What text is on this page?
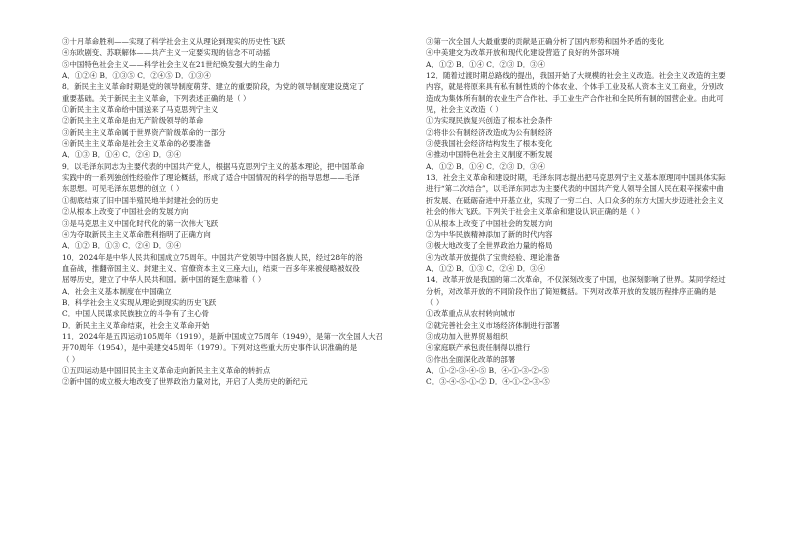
③十月革命胜利——实现了科学社会主义从理论到现实的历史性飞跃
④东欧剧变、苏联解体——共产主义一定要实现的信念不可动摇
⑤中国特色社会主义——科学社会主义在21世纪焕发强大的生命力
A．①②④ B．①③⑤ C．②④⑤ D．①③④
8．新民主主义革命时期是党的领导制度萌芽、建立的重要阶段，为党的领导制度建设奠定了
重要基础。关于新民主主义革命，下列表述正确的是（ ）
①新民主主义革命给中国送来了马克思列宁主义
②新民主主义革命是由无产阶级领导的革命
③新民主主义革命属于世界资产阶级革命的一部分
④新民主主义革命是社会主义革命的必要准备
A．①③ B．①④ C．②④ D．③④
9．以毛泽东同志为主要代表的中国共产党人，根据马克思列宁主义的基本理论，把中国革命
实践中的一系列独创性经验作了理论概括，形成了适合中国情况的科学的指导思想——毛泽
东思想。可见毛泽东思想的创立（ ）
①彻底结束了旧中国半殖民地半封建社会的历史
②从根本上改变了中国社会的发展方向
③是马克思主义中国化时代化的第一次伟大飞跃
④为夺取新民主主义革命胜利指明了正确方向
A．①② B．①③ C．②④ D．③④
10．2024年是中华人民共和国成立75周年。中国共产党领导中国各族人民，经过28年的浴
血奋战，推翻帝国主义、封建主义、官僚资本主义三座大山，结束一百多年来被侵略被奴役
屈辱历史，建立了中华人民共和国。新中国的诞生意味着（ ）
A．社会主义基本制度在中国确立
B．科学社会主义实现从理论到现实的历史飞跃
C．中国人民谋求民族独立的斗争有了主心骨
D．新民主主义革命结束，社会主义革命开始
11．2024年是五四运动105周年（1919），是新中国成立75周年（1949），是第一次全国人大召
开70周年（1954），是中美建交45周年（1979）。下列对这些重大历史事件认识准确的是
（ ）
①五四运动是中国旧民主主义革命走向新民主主义革命的转折点
②新中国的成立极大地改变了世界政治力量对比，开启了人类历史的新纪元
③第一次全国人大最重要的贡献是正确分析了国内形势和国外矛盾的变化
④中美建交为改革开放和现代化建设营造了良好的外部环境
A．①② B．①④ C．②③ D．③④
12．随着过渡时期总路线的提出，我国开始了大规模的社会主义改造。社会主义改造的主要
内容，就是将原来具有私有制性质的个体农业、个体手工业及私人资本主义工商业，分别改
造成为集体所有制的农业生产合作社、手工业生产合作社和全民所有制的国营企业。由此可
见，社会主义改造（ ）
①为实现民族复兴创造了根本社会条件
②将非公有制经济改造成为公有制经济
③使我国社会经济结构发生了根本变化
④推动中国特色社会主义制度不断发展
A．①② B．①④ C．②③ D．③④
13．社会主义革命和建设时期，毛泽东同志提出把马克思列宁主义基本原理同中国具体实际
进行“第二次结合”，以毛泽东同志为主要代表的中国共产党人领导全国人民在艰辛探索中曲
折发展、在砥砺奋进中开基立业，实现了一穷二白、人口众多的东方大国大步迈进社会主义
社会的伟大飞跃。下列关于社会主义革命和建设认识正确的是（ ）
①从根本上改变了中国社会的发展方向
②为中华民族精神添加了新的时代内容
③极大地改变了全世界政治力量的格局
④为改革开放提供了宝贵经验、理论准备
A．①② B．①③ C．②④ D．③④
14．改革开放是我国的第二次革命，不仅深刻改变了中国，也深刻影响了世界。某同学经过
分析，对改革开放的不同阶段作出了简短概括。下列对改革开放的发展历程排序正确的是
（ ）
①改革重点从农村转向城市
②就完善社会主义市场经济体制进行部署
③成功加入世界贸易组织
④家庭联产承包责任制得以推行
⑤作出全面深化改革的部署
A．①-②-③-④-⑤ B．④-①-③-②-⑤
C．③-④-⑤-①-② D．④-①-②-③-⑤
